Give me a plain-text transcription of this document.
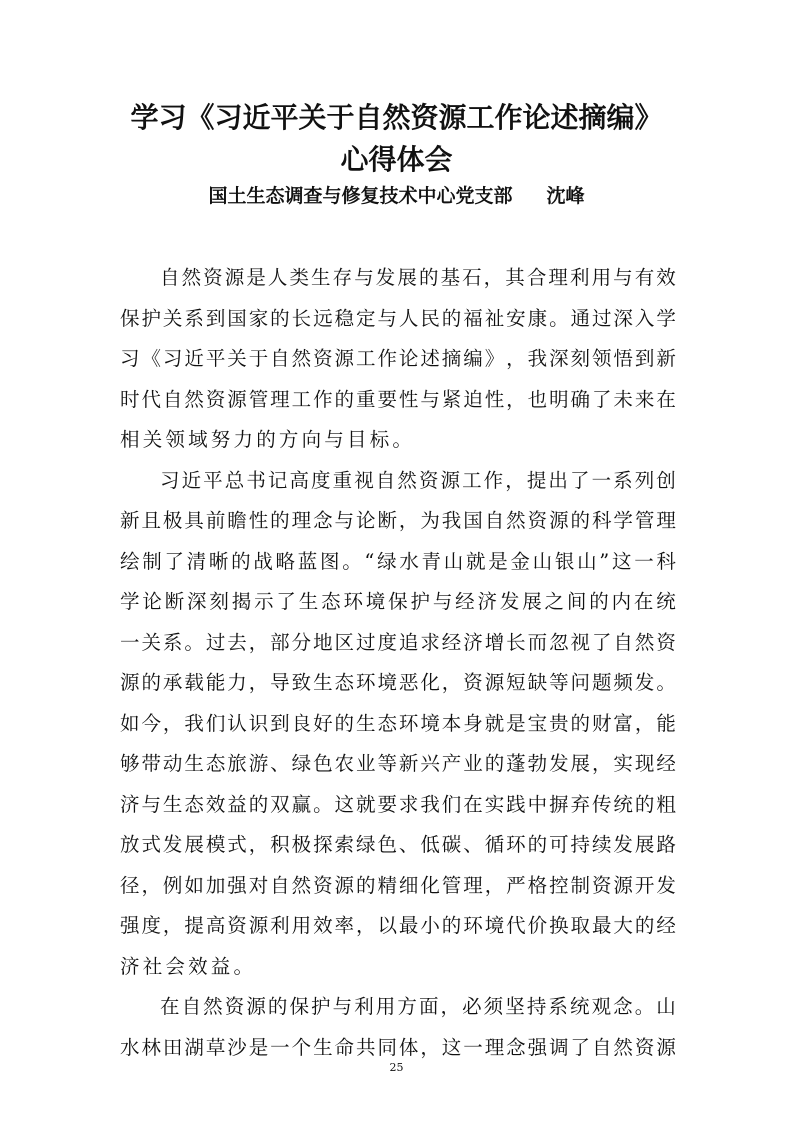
学习《习近平关于自然资源工作论述摘编》
心得体会
国土生态调查与修复技术中心党支部 沈峰
自 然 资 源 是 人 类 生 存 与 发 展 的 基 石 ， 其 合 理 利 用 与 有 效
保 护 关 系 到 国 家 的 长 远 稳 定 与 人 民 的 福 祉 安 康 。 通 过 深 入 学
习 《 习 近 平 关 于 自 然 资 源 工 作 论 述 摘 编 》 ， 我 深 刻 领 悟 到 新
时 代 自 然 资 源 管 理 工 作 的 重 要 性 与 紧 迫 性 ， 也 明 确 了 未 来 在
相关领域努力的方向与目标。
习 近 平 总 书 记 高 度 重 视 自 然 资 源 工 作 ， 提 出 了 一 系 列 创
新 且 极 具 前 瞻 性 的 理 念 与 论 断 ， 为 我 国 自 然 资 源 的 科 学 管 理
绘 制 了 清 晰 的 战 略 蓝 图 。 “ 绿 水 青 山 就 是 金 山 银 山 ” 这 一 科
学 论 断 深 刻 揭 示 了 生 态 环 境 保 护 与 经 济 发 展 之 间 的 内 在 统
一 关 系 。 过 去 ， 部 分 地 区 过 度 追 求 经 济 增 长 而 忽 视 了 自 然 资
源 的 承 载 能 力 ， 导 致 生 态 环 境 恶 化 ， 资 源 短 缺 等 问 题 频 发 。
如 今 ， 我 们 认 识 到 良 好 的 生 态 环 境 本 身 就 是 宝 贵 的 财 富 ， 能
够 带 动 生 态 旅 游 、 绿 色 农 业 等 新 兴 产 业 的 蓬 勃 发 展 ， 实 现 经
济 与 生 态 效 益 的 双 赢 。 这 就 要 求 我 们 在 实 践 中 摒 弃 传 统 的 粗
放 式 发 展 模 式 ， 积 极 探 索 绿 色 、 低 碳 、 循 环 的 可 持 续 发 展 路
径 ， 例 如 加 强 对 自 然 资 源 的 精 细 化 管 理 ， 严 格 控 制 资 源 开 发
强 度 ， 提 高 资 源 利 用 效 率 ， 以 最 小 的 环 境 代 价 换 取 最 大 的 经
济社会效益。
在 自 然 资 源 的 保 护 与 利 用 方 面 ， 必 须 坚 持 系 统 观 念 。 山
水 林 田 湖 草 沙 是 一 个 生 命 共 同 体 ， 这 一 理 念 强 调 了 自 然 资 源
25
